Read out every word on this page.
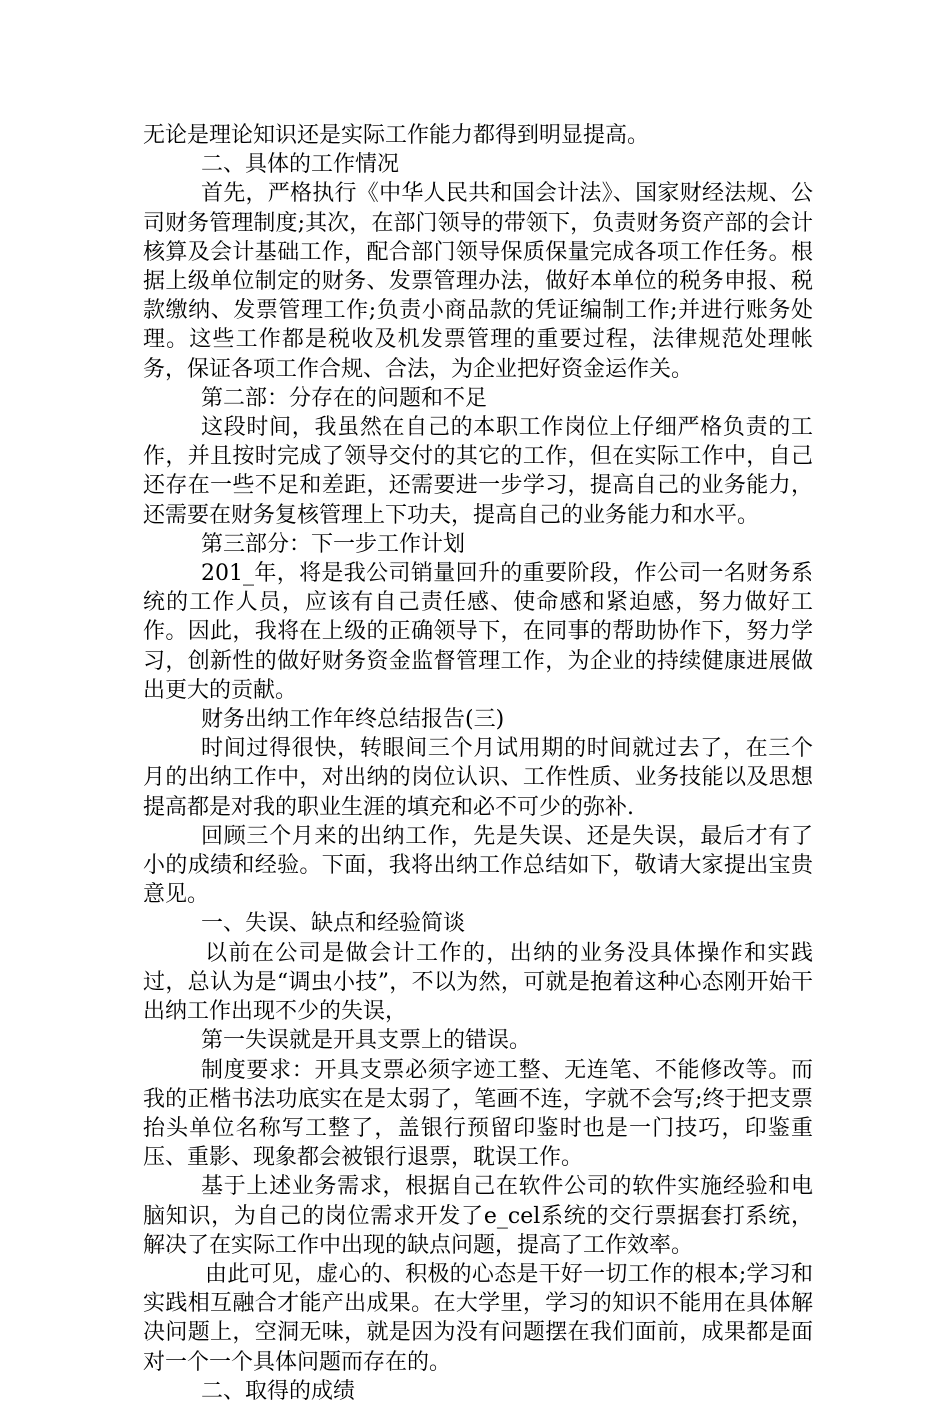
无论是理论知识还是实际工作能力都得到明显提高。

二、具体的工作情况

首先，严格执行《中华人民共和国会计法》、国家财经法规、公司财务管理制度;其次，在部门领导的带领下，负责财务资产部的会计核算及会计基础工作，配合部门领导保质保量完成各项工作任务。根据上级单位制定的财务、发票管理办法，做好本单位的税务申报、税款缴纳、发票管理工作;负责小商品款的凭证编制工作;并进行账务处理。这些工作都是税收及机发票管理的重要过程，法律规范处理帐务，保证各项工作合规、合法，为企业把好资金运作关。

第二部：分存在的问题和不足

这段时间，我虽然在自己的本职工作岗位上仔细严格负责的工作，并且按时完成了领导交付的其它的工作，但在实际工作中，自己还存在一些不足和差距，还需要进一步学习，提高自己的业务能力，还需要在财务复核管理上下功夫，提高自己的业务能力和水平。

第三部分：下一步工作计划

201_年，将是我公司销量回升的重要阶段，作公司一名财务系统的工作人员，应该有自己责任感、使命感和紧迫感，努力做好工作。因此，我将在上级的正确领导下，在同事的帮助协作下，努力学习，创新性的做好财务资金监督管理工作，为企业的持续健康进展做出更大的贡献。

财务出纳工作年终总结报告(三)

时间过得很快，转眼间三个月试用期的时间就过去了，在三个月的出纳工作中，对出纳的岗位认识、工作性质、业务技能以及思想提高都是对我的职业生涯的填充和必不可少的弥补.

回顾三个月来的出纳工作，先是失误、还是失误，最后才有了小的成绩和经验。下面，我将出纳工作总结如下，敬请大家提出宝贵意见。

一、失误、缺点和经验简谈

以前在公司是做会计工作的，出纳的业务没具体操作和实践过，总认为是“调虫小技”，不以为然，可就是抱着这种心态刚开始干出纳工作出现不少的失误，

第一失误就是开具支票上的错误。

制度要求：开具支票必须字迹工整、无连笔、不能修改等。而我的正楷书法功底实在是太弱了，笔画不连，字就不会写;终于把支票抬头单位名称写工整了，盖银行预留印鉴时也是一门技巧，印鉴重压、重影、现象都会被银行退票，耽误工作。

基于上述业务需求，根据自己在软件公司的软件实施经验和电脑知识，为自己的岗位需求开发了e_cel系统的交行票据套打系统，解决了在实际工作中出现的缺点问题，提高了工作效率。

由此可见，虚心的、积极的心态是干好一切工作的根本;学习和实践相互融合才能产出成果。在大学里，学习的知识不能用在具体解决问题上，空洞无味，就是因为没有问题摆在我们面前，成果都是面对一个一个具体问题而存在的。

二、取得的成绩
